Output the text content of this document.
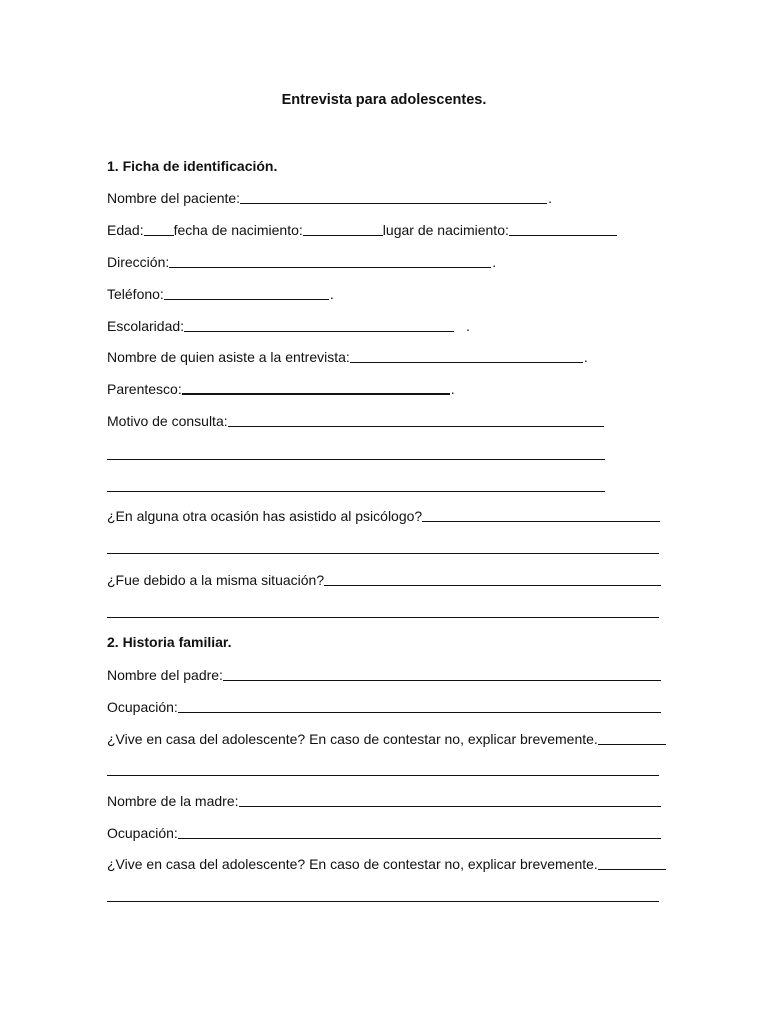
Entrevista para adolescentes.
1. Ficha de identificación.
Nombre del paciente:	.
Edad: fecha de nacimiento:	lugar de nacimiento:
Dirección:	.
Teléfono:	.
Escolaridad:	.
Nombre de quien asiste a la entrevista:	.
Parentesco:	.
Motivo de consulta:
¿En alguna otra ocasión has asistido al psicólogo?
¿Fue debido a la misma situación?
2. Historia familiar.
Nombre del padre:
Ocupación:
¿Vive en casa del adolescente? En caso de contestar no, explicar brevemente.
Nombre de la madre:
Ocupación:
¿Vive en casa del adolescente? En caso de contestar no, explicar brevemente.
